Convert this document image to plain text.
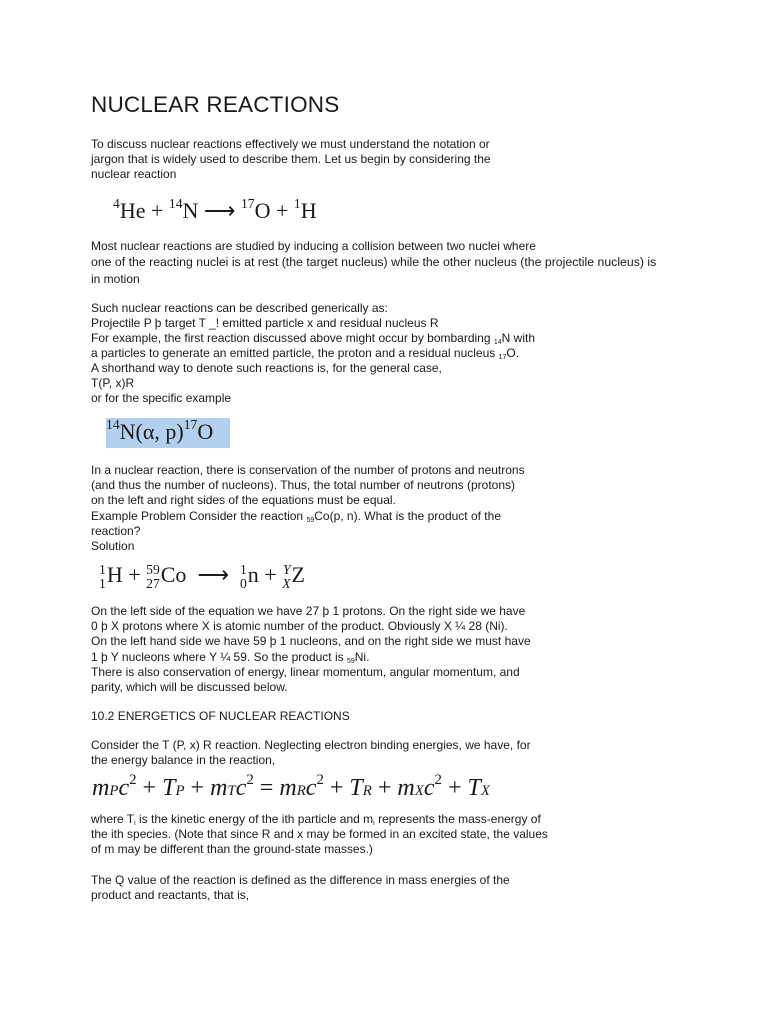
NUCLEAR REACTIONS
To discuss nuclear reactions effectively we must understand the notation or
jargon that is widely used to describe them. Let us begin by considering the
nuclear reaction
$^4$He + $^{14}$N ⟶ $^{17}$O + $^1$H
Most nuclear reactions are studied by inducing a collision between two nuclei where
one of the reacting nuclei is at rest (the target nucleus) while the other nucleus (the projectile nucleus) is
in motion
Such nuclear reactions can be described generically as:
Projectile P þ target T _! emitted particle x and residual nucleus R
For example, the first reaction discussed above might occur by bombarding $_{14}$N with
a particles to generate an emitted particle, the proton and a residual nucleus $_{17}$O.
A shorthand way to denote such reactions is, for the general case,
T(P, x)R
or for the specific example
$^{14}$N(α, p)$^{17}$O
In a nuclear reaction, there is conservation of the number of protons and neutrons
(and thus the number of nucleons). Thus, the total number of neutrons (protons)
on the left and right sides of the equations must be equal.
Example Problem Consider the reaction $_{59}$Co(p, n). What is the product of the
reaction?
Solution
1
1 H + 59
27 Co ⟶ 1
0 n + Y
X Z
On the left side of the equation we have 27 þ 1 protons. On the right side we have
0 þ X protons where X is atomic number of the product. Obviously X ¼ 28 (Ni).
On the left hand side we have 59 þ 1 nucleons, and on the right side we must have
1 þ Y nucleons where Y ¼ 59. So the product is $_{59}$Ni.
There is also conservation of energy, linear momentum, angular momentum, and
parity, which will be discussed below.
10.2 ENERGETICS OF NUCLEAR REACTIONS
Consider the T (P, x) R reaction. Neglecting electron binding energies, we have, for
the energy balance in the reaction,
mPc$^2$ + TP + mTc$^2$ = mRc$^2$ + TR + mXc$^2$ + TX
where $T_i$ is the kinetic energy of the ith particle and $m_i$ represents the mass-energy of
the ith species. (Note that since R and x may be formed in an excited state, the values
of m may be different than the ground-state masses.)
The Q value of the reaction is defined as the difference in mass energies of the
product and reactants, that is,
